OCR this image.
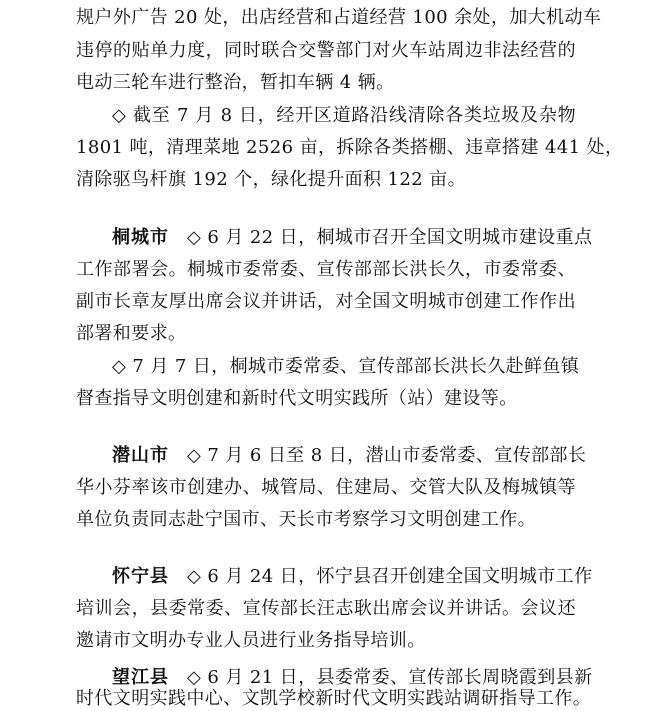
规户外广告 20 处，出店经营和占道经营 100 余处，加大机动车
违停的贴单力度，同时联合交警部门对火车站周边非法经营的
电动三轮车进行整治，暂扣车辆 4 辆。
◇ 截至 7 月 8 日，经开区道路沿线清除各类垃圾及杂物
1801 吨，清理菜地 2526 亩，拆除各类搭棚、违章搭建 441 处，
清除驱鸟杆旗 192 个，绿化提升面积 122 亩。
桐城市 ◇ 6 月 22 日，桐城市召开全国文明城市建设重点
工作部署会。桐城市委常委、宣传部部长洪长久，市委常委、
副市长章友厚出席会议并讲话，对全国文明城市创建工作作出
部署和要求。
◇ 7 月 7 日，桐城市委常委、宣传部部长洪长久赴鲜鱼镇
督查指导文明创建和新时代文明实践所（站）建设等。
潜山市 ◇ 7 月 6 日至 8 日，潜山市委常委、宣传部部长
华小芬率该市创建办、城管局、住建局、交管大队及梅城镇等
单位负责同志赴宁国市、天长市考察学习文明创建工作。
怀宁县 ◇ 6 月 24 日，怀宁县召开创建全国文明城市工作
培训会，县委常委、宣传部长汪志耿出席会议并讲话。会议还
邀请市文明办专业人员进行业务指导培训。
望江县 ◇ 6 月 21 日，县委常委、宣传部长周晓霞到县新
时代文明实践中心、文凯学校新时代文明实践站调研指导工作。
